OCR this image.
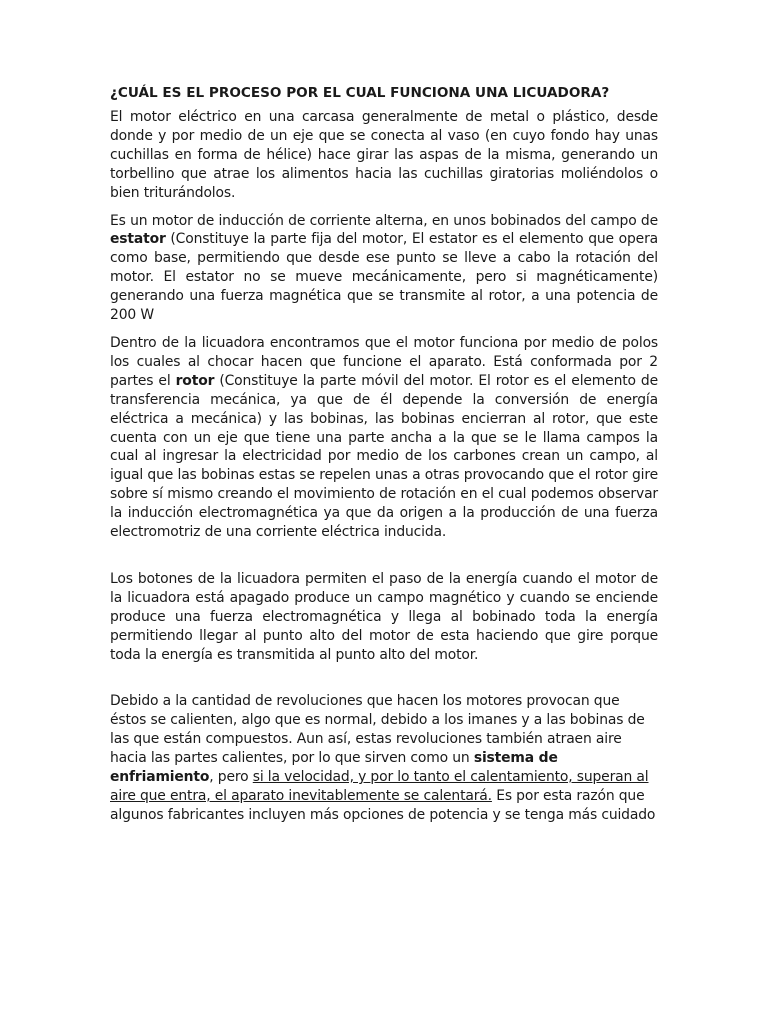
¿CUÁL ES EL PROCESO POR EL CUAL FUNCIONA UNA LICUADORA?

El motor eléctrico en una carcasa generalmente de metal o plástico, desde donde y por medio de un eje que se conecta al vaso (en cuyo fondo hay unas cuchillas en forma de hélice) hace girar las aspas de la misma, generando un torbellino que atrae los alimentos hacia las cuchillas giratorias moliéndolos o bien triturándolos.

Es un motor de inducción de corriente alterna, en unos bobinados del campo de estator (Constituye la parte fija del motor, El estator es el elemento que opera como base, permitiendo que desde ese punto se lleve a cabo la rotación del motor. El estator no se mueve mecánicamente, pero si magnéticamente) generando una fuerza magnética que se transmite al rotor, a una potencia de 200 W

Dentro de la licuadora encontramos que el motor funciona por medio de polos los cuales al chocar hacen que funcione el aparato. Está conformada por 2 partes el rotor (Constituye la parte móvil del motor. El rotor es el elemento de transferencia mecánica, ya que de él depende la conversión de energía eléctrica a mecánica) y las bobinas, las bobinas encierran al rotor, que este cuenta con un eje que tiene una parte ancha a la que se le llama campos la cual al ingresar la electricidad por medio de los carbones crean un campo, al igual que las bobinas estas se repelen unas a otras provocando que el rotor gire sobre sí mismo creando el movimiento de rotación en el cual podemos observar la inducción electromagnética ya que da origen a la producción de una fuerza electromotriz de una corriente eléctrica inducida.

Los botones de la licuadora permiten el paso de la energía cuando el motor de la licuadora está apagado produce un campo magnético y cuando se enciende produce una fuerza electromagnética y llega al bobinado toda la energía permitiendo llegar al punto alto del motor de esta haciendo que gire porque toda la energía es transmitida al punto alto del motor.

Debido a la cantidad de revoluciones que hacen los motores provocan que éstos se calienten, algo que es normal, debido a los imanes y a las bobinas de las que están compuestos. Aun así, estas revoluciones también atraen aire hacia las partes calientes, por lo que sirven como un sistema de enfriamiento, pero si la velocidad, y por lo tanto el calentamiento, superan al aire que entra, el aparato inevitablemente se calentará. Es por esta razón que algunos fabricantes incluyen más opciones de potencia y se tenga más cuidado
